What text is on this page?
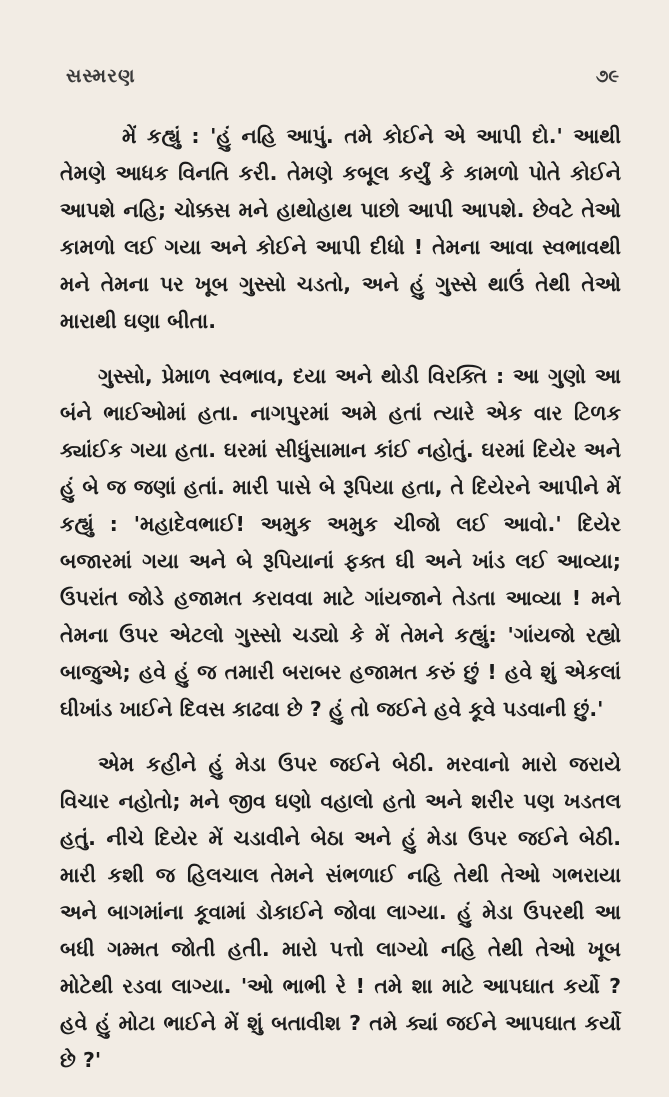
સસ્મરણ	૭૯

મેં કહ્યું : 'હું નહિ આપું. તમે કોઈને એ આપી દો.' આથી તેમણે આધક વિનતિ કરી. તેમણે કબૂલ કર્યું કે કામળો પોતે કોઈને આપશે નહિ; ચોક્કસ મને હાથોહાથ પાછો આપી આપશે. છેવટે તેઓ કામળો લઈ ગયા અને કોઈને આપી દીધો ! તેમના આવા સ્વભાવથી મને તેમના પર ખૂબ ગુસ્સો ચડતો, અને હું ગુસ્સે થાઉં તેથી તેઓ મારાથી ઘણા બીતા.

ગુસ્સો, પ્રેમાળ સ્વભાવ, દયા અને થોડી વિરક્તિ : આ ગુણો આ બંને ભાઈઓમાં હતા. નાગપુરમાં અમે હતાં ત્યારે એક વાર ટિળક ક્યાંઈક ગયા હતા. ઘરમાં સીધુંસામાન કાંઈ નહોતું. ઘરમાં દિયેર અને હું બે જ જણાં હતાં. મારી પાસે બે રૂપિયા હતા, તે દિયેરને આપીને મેં કહ્યું : 'મહાદેવભાઈ! અમુક અમુક ચીજો લઈ આવો.' દિયેર બજારમાં ગયા અને બે રૂપિયાનાં ફક્ત ઘી અને ખાંડ લઈ આવ્યા; ઉપરાંત જોડે હજામત કરાવવા માટે ગાંયજાને તેડતા આવ્યા ! મને તેમના ઉપર એટલો ગુસ્સો ચડ્યો કે મેં તેમને કહ્યું: 'ગાંયજો રહ્યો બાજુએ; હવે હું જ તમારી બરાબર હજામત કરું છું ! હવે શું એકલાં ઘીખાંડ ખાઈને દિવસ કાઢવા છે ? હું તો જઈને હવે કૂવે પડવાની છું.'

એમ કહીને હું મેડા ઉપર જઈને બેઠી. મરવાનો મારો જરાયે વિચાર નહોતો; મને જીવ ઘણો વહાલો હતો અને શરીર પણ ખડતલ હતું. નીચે દિયેર મેં ચડાવીને બેઠા અને હું મેડા ઉપર જઈને બેઠી. મારી કશી જ હિલચાલ તેમને સંભળાઈ નહિ તેથી તેઓ ગભરાયા અને બાગમાંના કૂવામાં ડોકાઈને જોવા લાગ્યા. હું મેડા ઉપરથી આ બધી ગમ્મત જોતી હતી. મારો પત્તો લાગ્યો નહિ તેથી તેઓ ખૂબ મોટેથી રડવા લાગ્યા. 'ઓ ભાભી રે ! તમે શા માટે આપઘાત કર્યો ? હવે હું મોટા ભાઈને મેં શું બતાવીશ ? તમે ક્યાં જઈને આપઘાત કર્યો છે ?'
